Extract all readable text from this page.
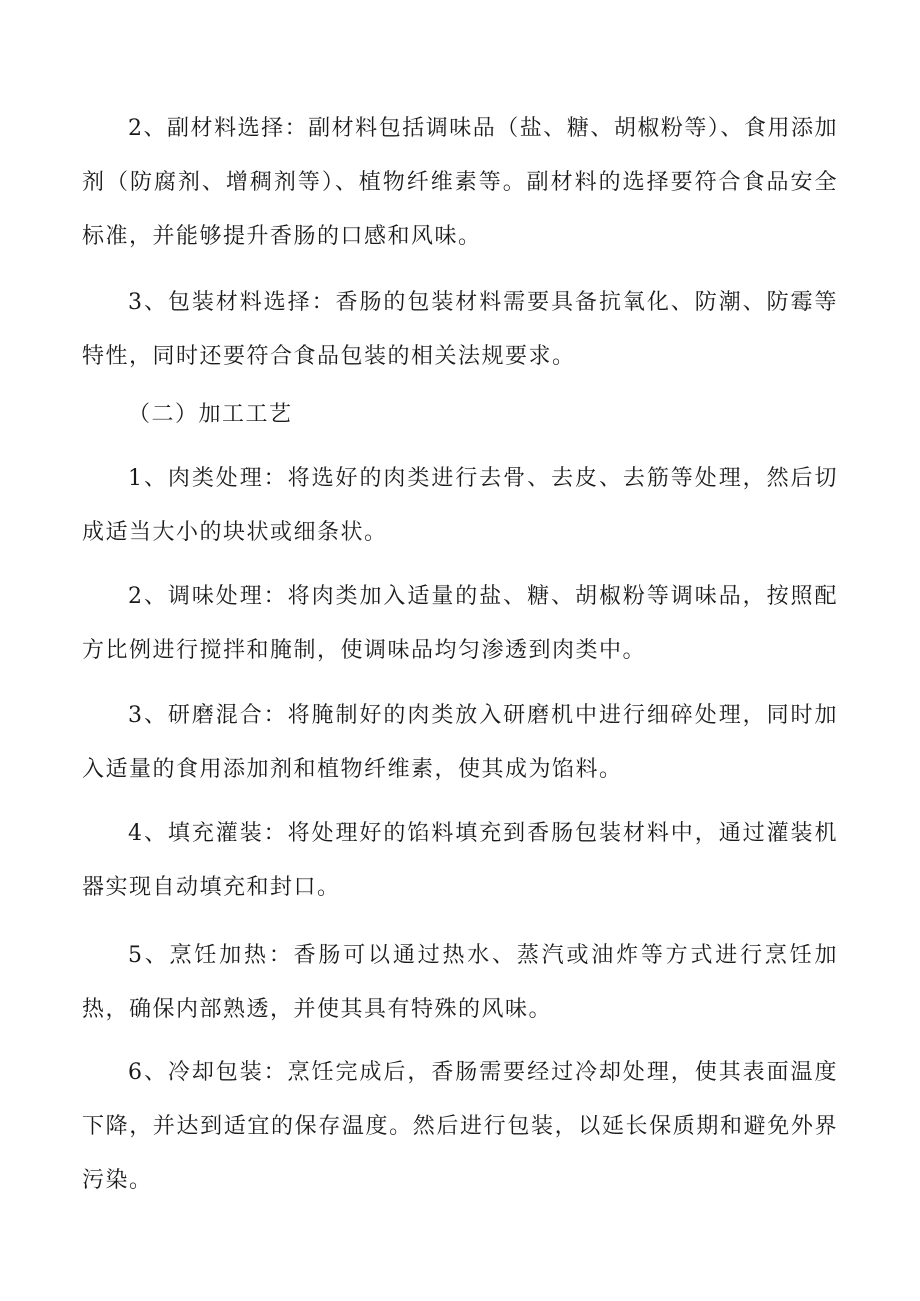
2、副材料选择：副材料包括调味品（盐、糖、胡椒粉等）、食用添加剂（防腐剂、增稠剂等）、植物纤维素等。副材料的选择要符合食品安全标准，并能够提升香肠的口感和风味。

3、包装材料选择：香肠的包装材料需要具备抗氧化、防潮、防霉等特性，同时还要符合食品包装的相关法规要求。

（二）加工工艺

1、肉类处理：将选好的肉类进行去骨、去皮、去筋等处理，然后切成适当大小的块状或细条状。

2、调味处理：将肉类加入适量的盐、糖、胡椒粉等调味品，按照配方比例进行搅拌和腌制，使调味品均匀渗透到肉类中。

3、研磨混合：将腌制好的肉类放入研磨机中进行细碎处理，同时加入适量的食用添加剂和植物纤维素，使其成为馅料。

4、填充灌装：将处理好的馅料填充到香肠包装材料中，通过灌装机器实现自动填充和封口。

5、烹饪加热：香肠可以通过热水、蒸汽或油炸等方式进行烹饪加热，确保内部熟透，并使其具有特殊的风味。

6、冷却包装：烹饪完成后，香肠需要经过冷却处理，使其表面温度下降，并达到适宜的保存温度。然后进行包装，以延长保质期和避免外界污染。
